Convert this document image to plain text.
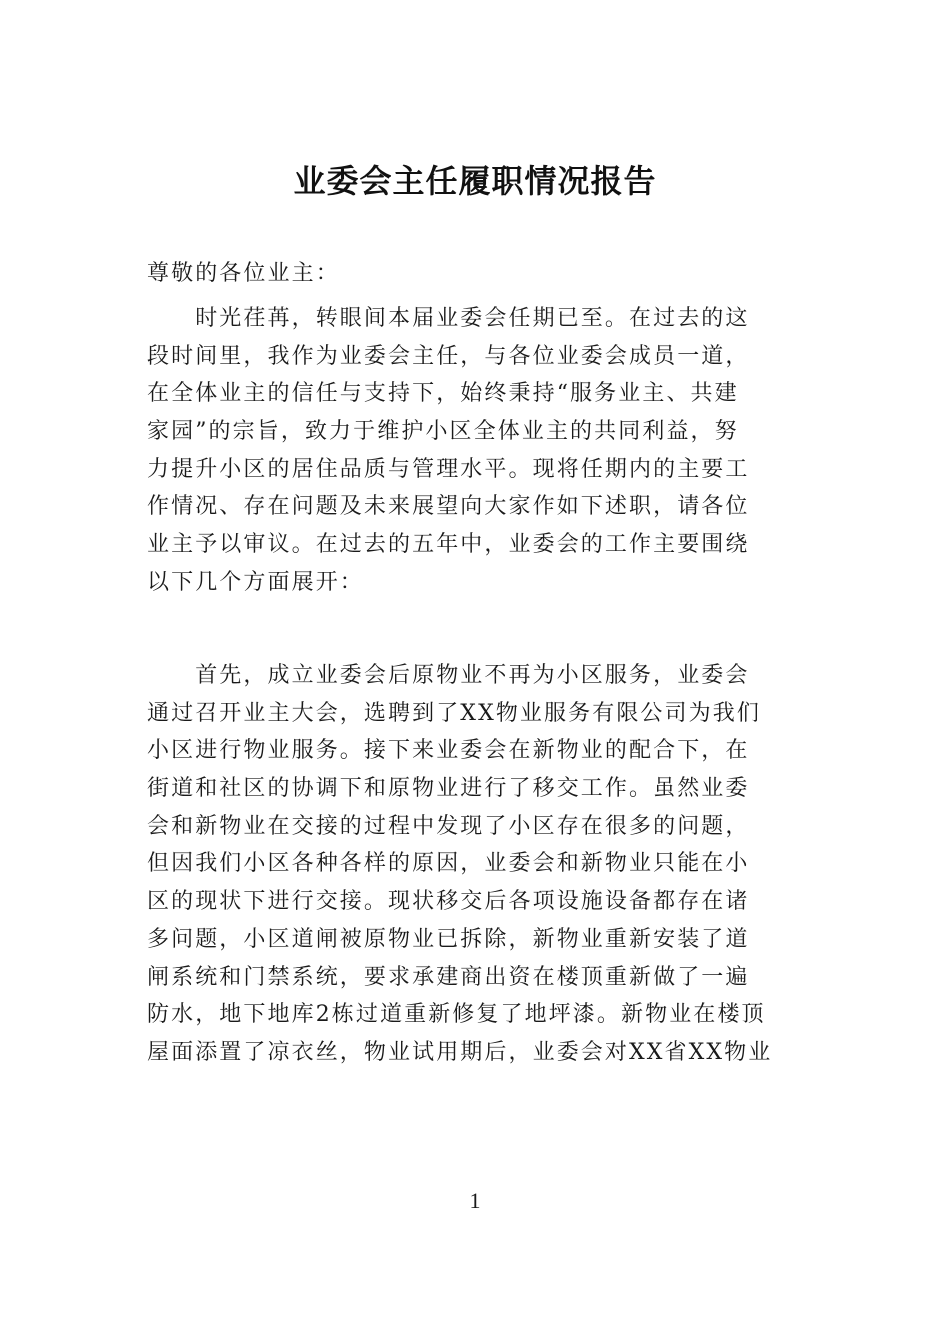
业委会主任履职情况报告
尊敬的各位业主：
　　时光荏苒，转眼间本届业委会任期已至。在过去的这
段时间里，我作为业委会主任，与各位业委会成员一道，
在全体业主的信任与支持下，始终秉持“服务业主、共建
家园”的宗旨，致力于维护小区全体业主的共同利益，努
力提升小区的居住品质与管理水平。现将任期内的主要工
作情况、存在问题及未来展望向大家作如下述职，请各位
业主予以审议。在过去的五年中，业委会的工作主要围绕
以下几个方面展开：
　　首先，成立业委会后原物业不再为小区服务，业委会
通过召开业主大会，选聘到了XX物业服务有限公司为我们
小区进行物业服务。接下来业委会在新物业的配合下，在
街道和社区的协调下和原物业进行了移交工作。虽然业委
会和新物业在交接的过程中发现了小区存在很多的问题，
但因我们小区各种各样的原因，业委会和新物业只能在小
区的现状下进行交接。现状移交后各项设施设备都存在诸
多问题，小区道闸被原物业已拆除，新物业重新安装了道
闸系统和门禁系统，要求承建商出资在楼顶重新做了一遍
防水，地下地库2栋过道重新修复了地坪漆。新物业在楼顶
屋面添置了凉衣丝，物业试用期后，业委会对XX省XX物业
1
